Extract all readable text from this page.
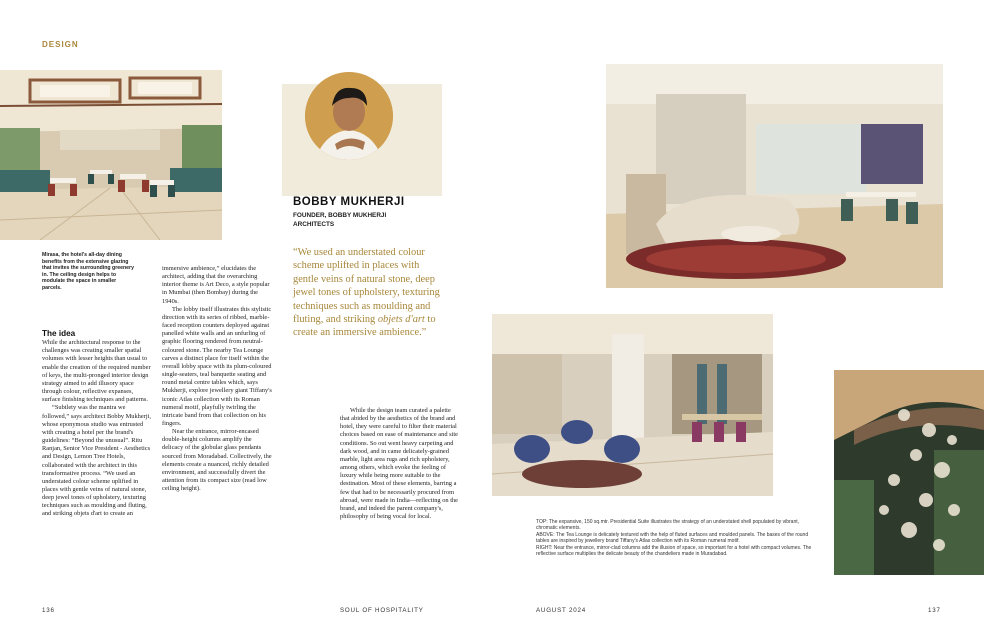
DESIGN
Mirasa, the hotel's all-day dining benefits from the extensive glazing that invites the surrounding greenery in. The ceiling design helps to modulate the space in smaller parcels.
BOBBY MUKHERJI
FOUNDER, BOBBY MUKHERJI
ARCHITECTS
“We used an understated colour scheme uplifted in places with gentle veins of natural stone, deep jewel tones of upholstery, texturing techniques such as moulding and fluting, and striking objets d'art to create an immersive ambience.”
The idea

While the architectural response to the challenges was creating smaller spatial volumes with lesser heights than usual to enable the creation of the required number of keys, the multi-pronged interior design strategy aimed to add illusory space through colour, reflective expanses, surface finishing techniques and patterns.

“Subtlety was the mantra we followed,” says architect Bobby Mukherji, whose eponymous studio was entrusted with creating a hotel per the brand's guidelines: “Beyond the unusual”. Ritu Ranjan, Senior Vice President - Aesthetics and Design, Lemon Tree Hotels, collaborated with the architect in this transformative process. “We used an understated colour scheme uplifted in places with gentle veins of natural stone, deep jewel tones of upholstery, texturing techniques such as moulding and fluting, and striking objets d'art to create an

immersive ambience,” elucidates the architect, adding that the overarching interior theme is Art Deco, a style popular in Mumbai (then Bombay) during the 1940s.

The lobby itself illustrates this stylistic direction with its series of ribbed, marble-faced reception counters deployed against panelled white walls and an unfurling of graphic flooring rendered from neutral-coloured stone. The nearby Tea Lounge carves a distinct place for itself within the overall lobby space with its plum-coloured single-seaters, teal banquette seating and round metal centre tables which, says Mukherji, explore jewellery giant Tiffany's iconic Atlas collection with its Roman numeral motif, playfully twirling the intricate band from that collection on his fingers.

Near the entrance, mirror-encased double-height columns amplify the delicacy of the globular glass pendants sourced from Moradabad. Collectively, the elements create a nuanced, richly detailed environment, and successfully divert the attention from its compact size (read low ceiling height).

While the design team curated a palette that abided by the aesthetics of the brand and hotel, they were careful to filter their material choices based on ease of maintenance and site conditions. So out went heavy carpeting and dark wood, and in came delicately-grained marble, light area rugs and rich upholstery, among others, which evoke the feeling of luxury while being more suitable to the destination. Most of these elements, barring a few that had to be necessarily procured from abroad, were made in India—reflecting on the brand, and indeed the parent company's, philosophy of being vocal for local.

TOP: The expansive, 150 sq.mtr. Presidential Suite illustrates the strategy of an understated shell populated by vibrant, chromatic elements.
ABOVE: The Tea Lounge is delicately textured with the help of fluted surfaces and moulded panels. The bases of the round tables are inspired by jewellery brand Tiffany's Atlas collection with its Roman numeral motif.
RIGHT: Near the entrance, mirror-clad columns add the illusion of space, so important for a hotel with compact volumes. The reflective surface multiplies the delicate beauty of the chandeliers made in Muradabad.
136	SOUL OF HOSPITALITY	AUGUST 2024	137
